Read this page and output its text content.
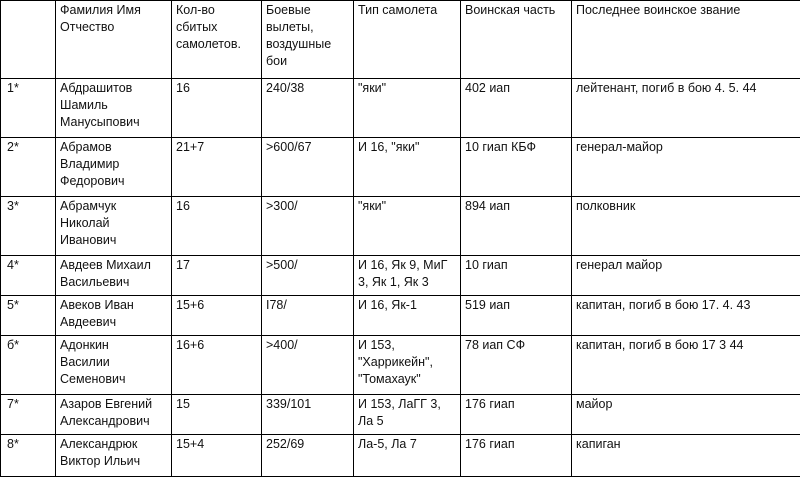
	Фамилия Имя
Отчество	Кол-во
сбитых
самолетов.	Боевые
вылеты,
воздушные
бои	Тип самолета	Воинская часть	Последнее воинское звание
1*	Абдрашитов
Шамиль
Манусыпович	16	240/38	"яки"	402 иап	лейтенант, погиб в бою 4. 5. 44
2*	Абрамов
Владимир
Федорович	21+7	>600/67	И 16, "яки"	10 гиап КБФ	генерал-майор
3*	Абрамчук
Николай
Иванович	16	>300/	"яки"	894 иап	полковник
4*	Авдеев Михаил
Васильевич	17	>500/	И 16, Як 9, МиГ
3, Як 1, Як 3	10 гиап	генерал майор
5*	Авеков Иван
Авдеевич	15+6	I78/	И 16, Як-1	519 иап	капитан, погиб в бою 17. 4. 43
б*	Адонкин
Василии
Семенович	16+6	>400/	И 153,
"Харрикейн",
"Томахаук"	78 иап СФ	капитан, погиб в бою 17 3 44
7*	Азаров Евгений
Александрович	15	339/101	И 153, ЛаГГ 3,
Ла 5	176 гиап	майор
8*	Александрюк
Виктор Ильич	15+4	252/69	Ла-5, Ла 7	176 гиап	капиган
